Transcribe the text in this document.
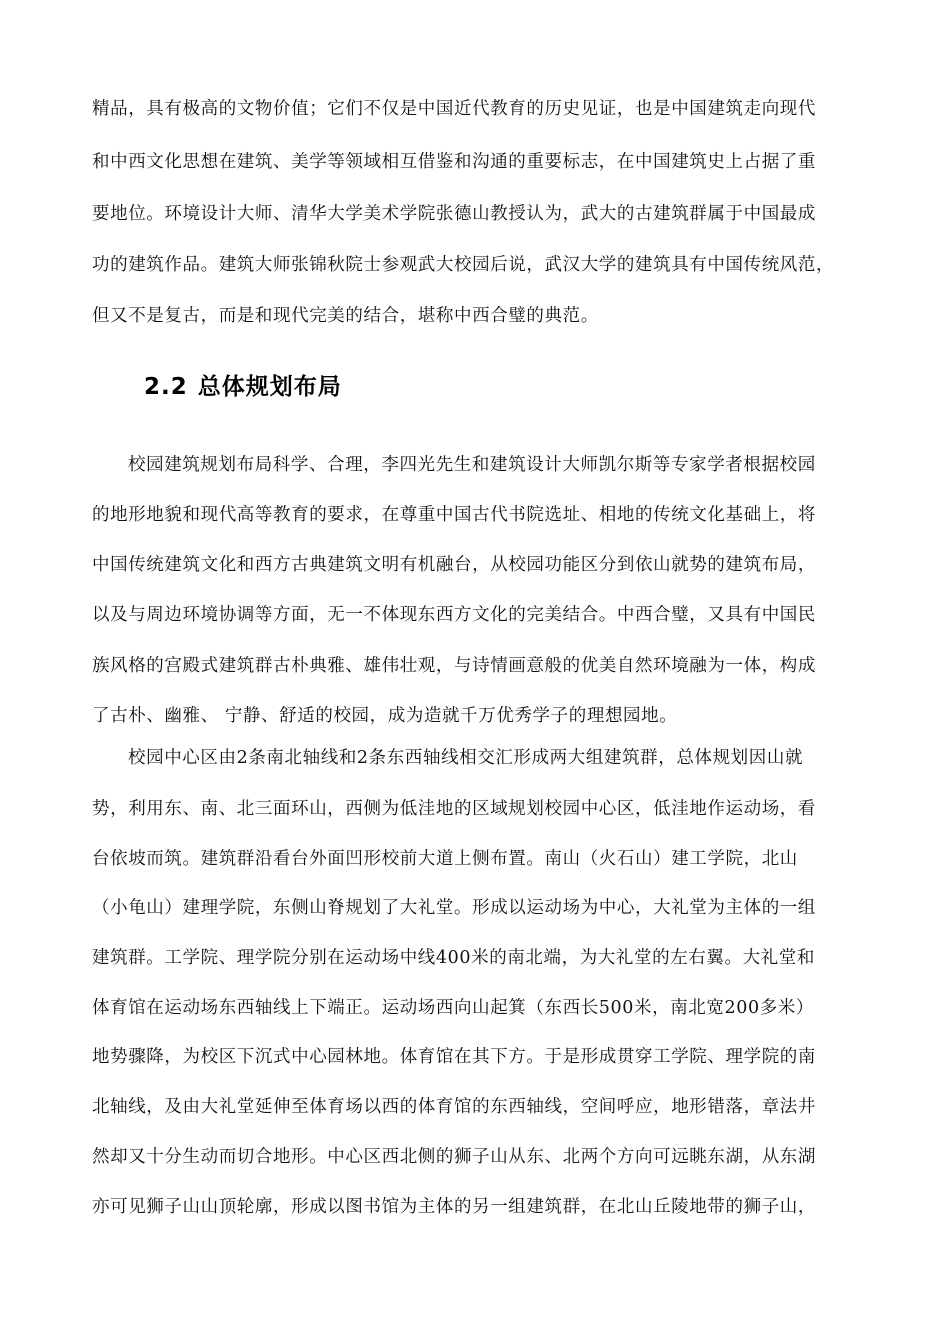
精品，具有极高的文物价值；它们不仅是中国近代教育的历史见证，也是中国建筑走向现代
和中西文化思想在建筑、美学等领域相互借鉴和沟通的重要标志，在中国建筑史上占据了重
要地位。环境设计大师、清华大学美术学院张德山教授认为，武大的古建筑群属于中国最成
功的建筑作品。建筑大师张锦秋院士参观武大校园后说，武汉大学的建筑具有中国传统风范，
但又不是复古，而是和现代完美的结合，堪称中西合璧的典范。
2.2 总体规划布局
校园建筑规划布局科学、合理，李四光先生和建筑设计大师凯尔斯等专家学者根据校园
的地形地貌和现代高等教育的要求，在尊重中国古代书院选址、相地的传统文化基础上，将
中国传统建筑文化和西方古典建筑文明有机融台，从校园功能区分到依山就势的建筑布局，
以及与周边环境协调等方面，无一不体现东西方文化的完美结合。中西合璧，又具有中国民
族风格的宫殿式建筑群古朴典雅、雄伟壮观，与诗情画意般的优美自然环境融为一体，构成
了古朴、幽雅、 宁静、舒适的校园，成为造就千万优秀学子的理想园地。
校园中心区由2条南北轴线和2条东西轴线相交汇形成两大组建筑群，总体规划因山就
势，利用东、南、北三面环山，西侧为低洼地的区域规划校园中心区，低洼地作运动场，看
台依坡而筑。建筑群沿看台外面凹形校前大道上侧布置。南山（火石山）建工学院，北山
（小龟山）建理学院，东侧山脊规划了大礼堂。形成以运动场为中心，大礼堂为主体的一组
建筑群。工学院、理学院分别在运动场中线400米的南北端，为大礼堂的左右翼。大礼堂和
体育馆在运动场东西轴线上下端正。运动场西向山起箕（东西长500米，南北宽200多米）
地势骤降，为校区下沉式中心园林地。体育馆在其下方。于是形成贯穿工学院、理学院的南
北轴线，及由大礼堂延伸至体育场以西的体育馆的东西轴线，空间呼应，地形错落，章法井
然却又十分生动而切合地形。中心区西北侧的狮子山从东、北两个方向可远眺东湖，从东湖
亦可见狮子山山顶轮廓，形成以图书馆为主体的另一组建筑群，在北山丘陵地带的狮子山，
